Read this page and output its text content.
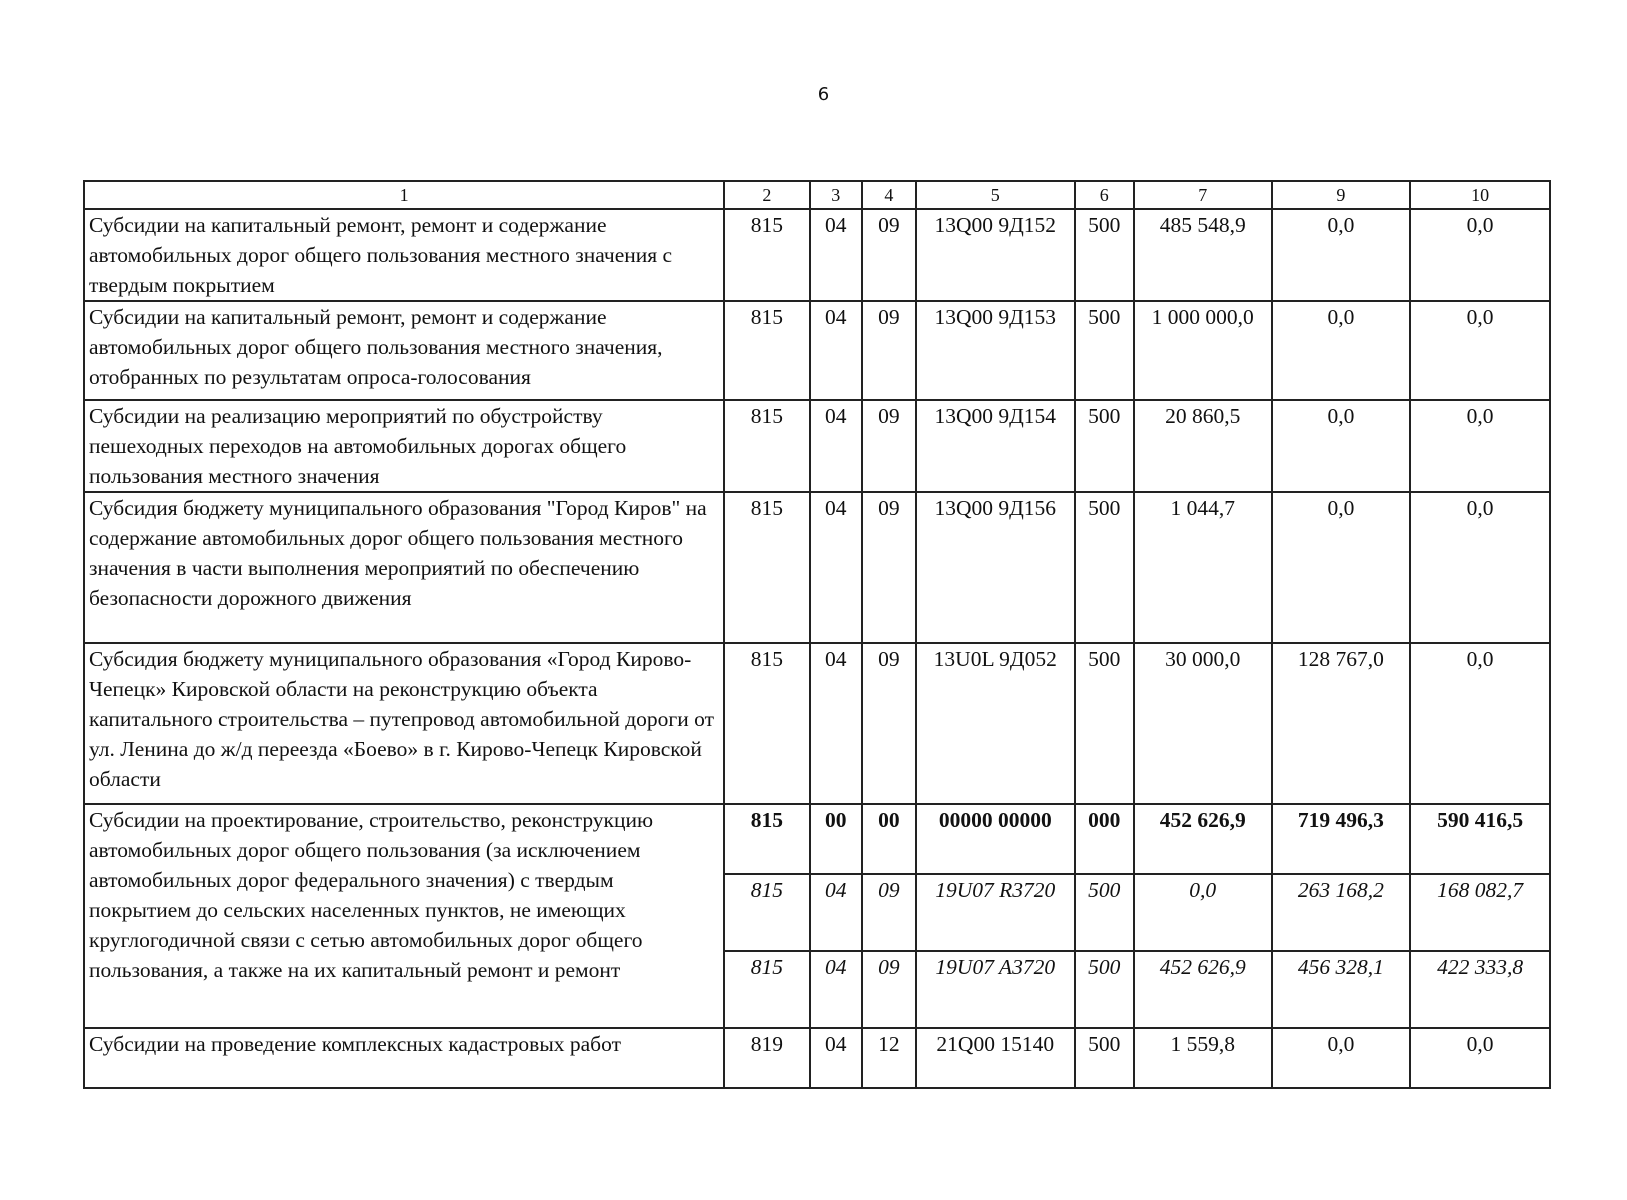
6
1	2	3	4	5	6	7	9	10
Субсидии на капитальный ремонт, ремонт и содержание автомобильных дорог общего пользования местного значения с твердым покрытием	815	04	09	13Q00 9Д152	500	485 548,9	0,0	0,0
Субсидии на капитальный ремонт, ремонт и содержание автомобильных дорог общего пользования местного значения, отобранных по результатам опроса-голосования	815	04	09	13Q00 9Д153	500	1 000 000,0	0,0	0,0
Субсидии на реализацию мероприятий по обустройству пешеходных переходов на автомобильных дорогах общего пользования местного значения	815	04	09	13Q00 9Д154	500	20 860,5	0,0	0,0
Субсидия бюджету муниципального образования "Город Киров" на содержание автомобильных дорог общего пользования местного значения в части выполнения мероприятий по обеспечению безопасности дорожного движения	815	04	09	13Q00 9Д156	500	1 044,7	0,0	0,0
Субсидия бюджету муниципального образования «Город Кирово-Чепецк» Кировской области на реконструкцию объекта капитального строительства – путепровод автомобильной дороги от ул. Ленина до ж/д переезда «Боево» в г. Кирово-Чепецк Кировской области	815	04	09	13U0L 9Д052	500	30 000,0	128 767,0	0,0
Субсидии на проектирование, строительство, реконструкцию автомобильных дорог общего пользования (за исключением автомобильных дорог федерального значения) с твердым покрытием до сельских населенных пунктов, не имеющих круглогодичной связи с сетью автомобильных дорог общего пользования, а также на их капитальный ремонт и ремонт	815	00	00	00000 00000	000	452 626,9	719 496,3	590 416,5
	815	04	09	19U07 R3720	500	0,0	263 168,2	168 082,7
	815	04	09	19U07 A3720	500	452 626,9	456 328,1	422 333,8
Субсидии на проведение комплексных кадастровых работ	819	04	12	21Q00 15140	500	1 559,8	0,0	0,0
